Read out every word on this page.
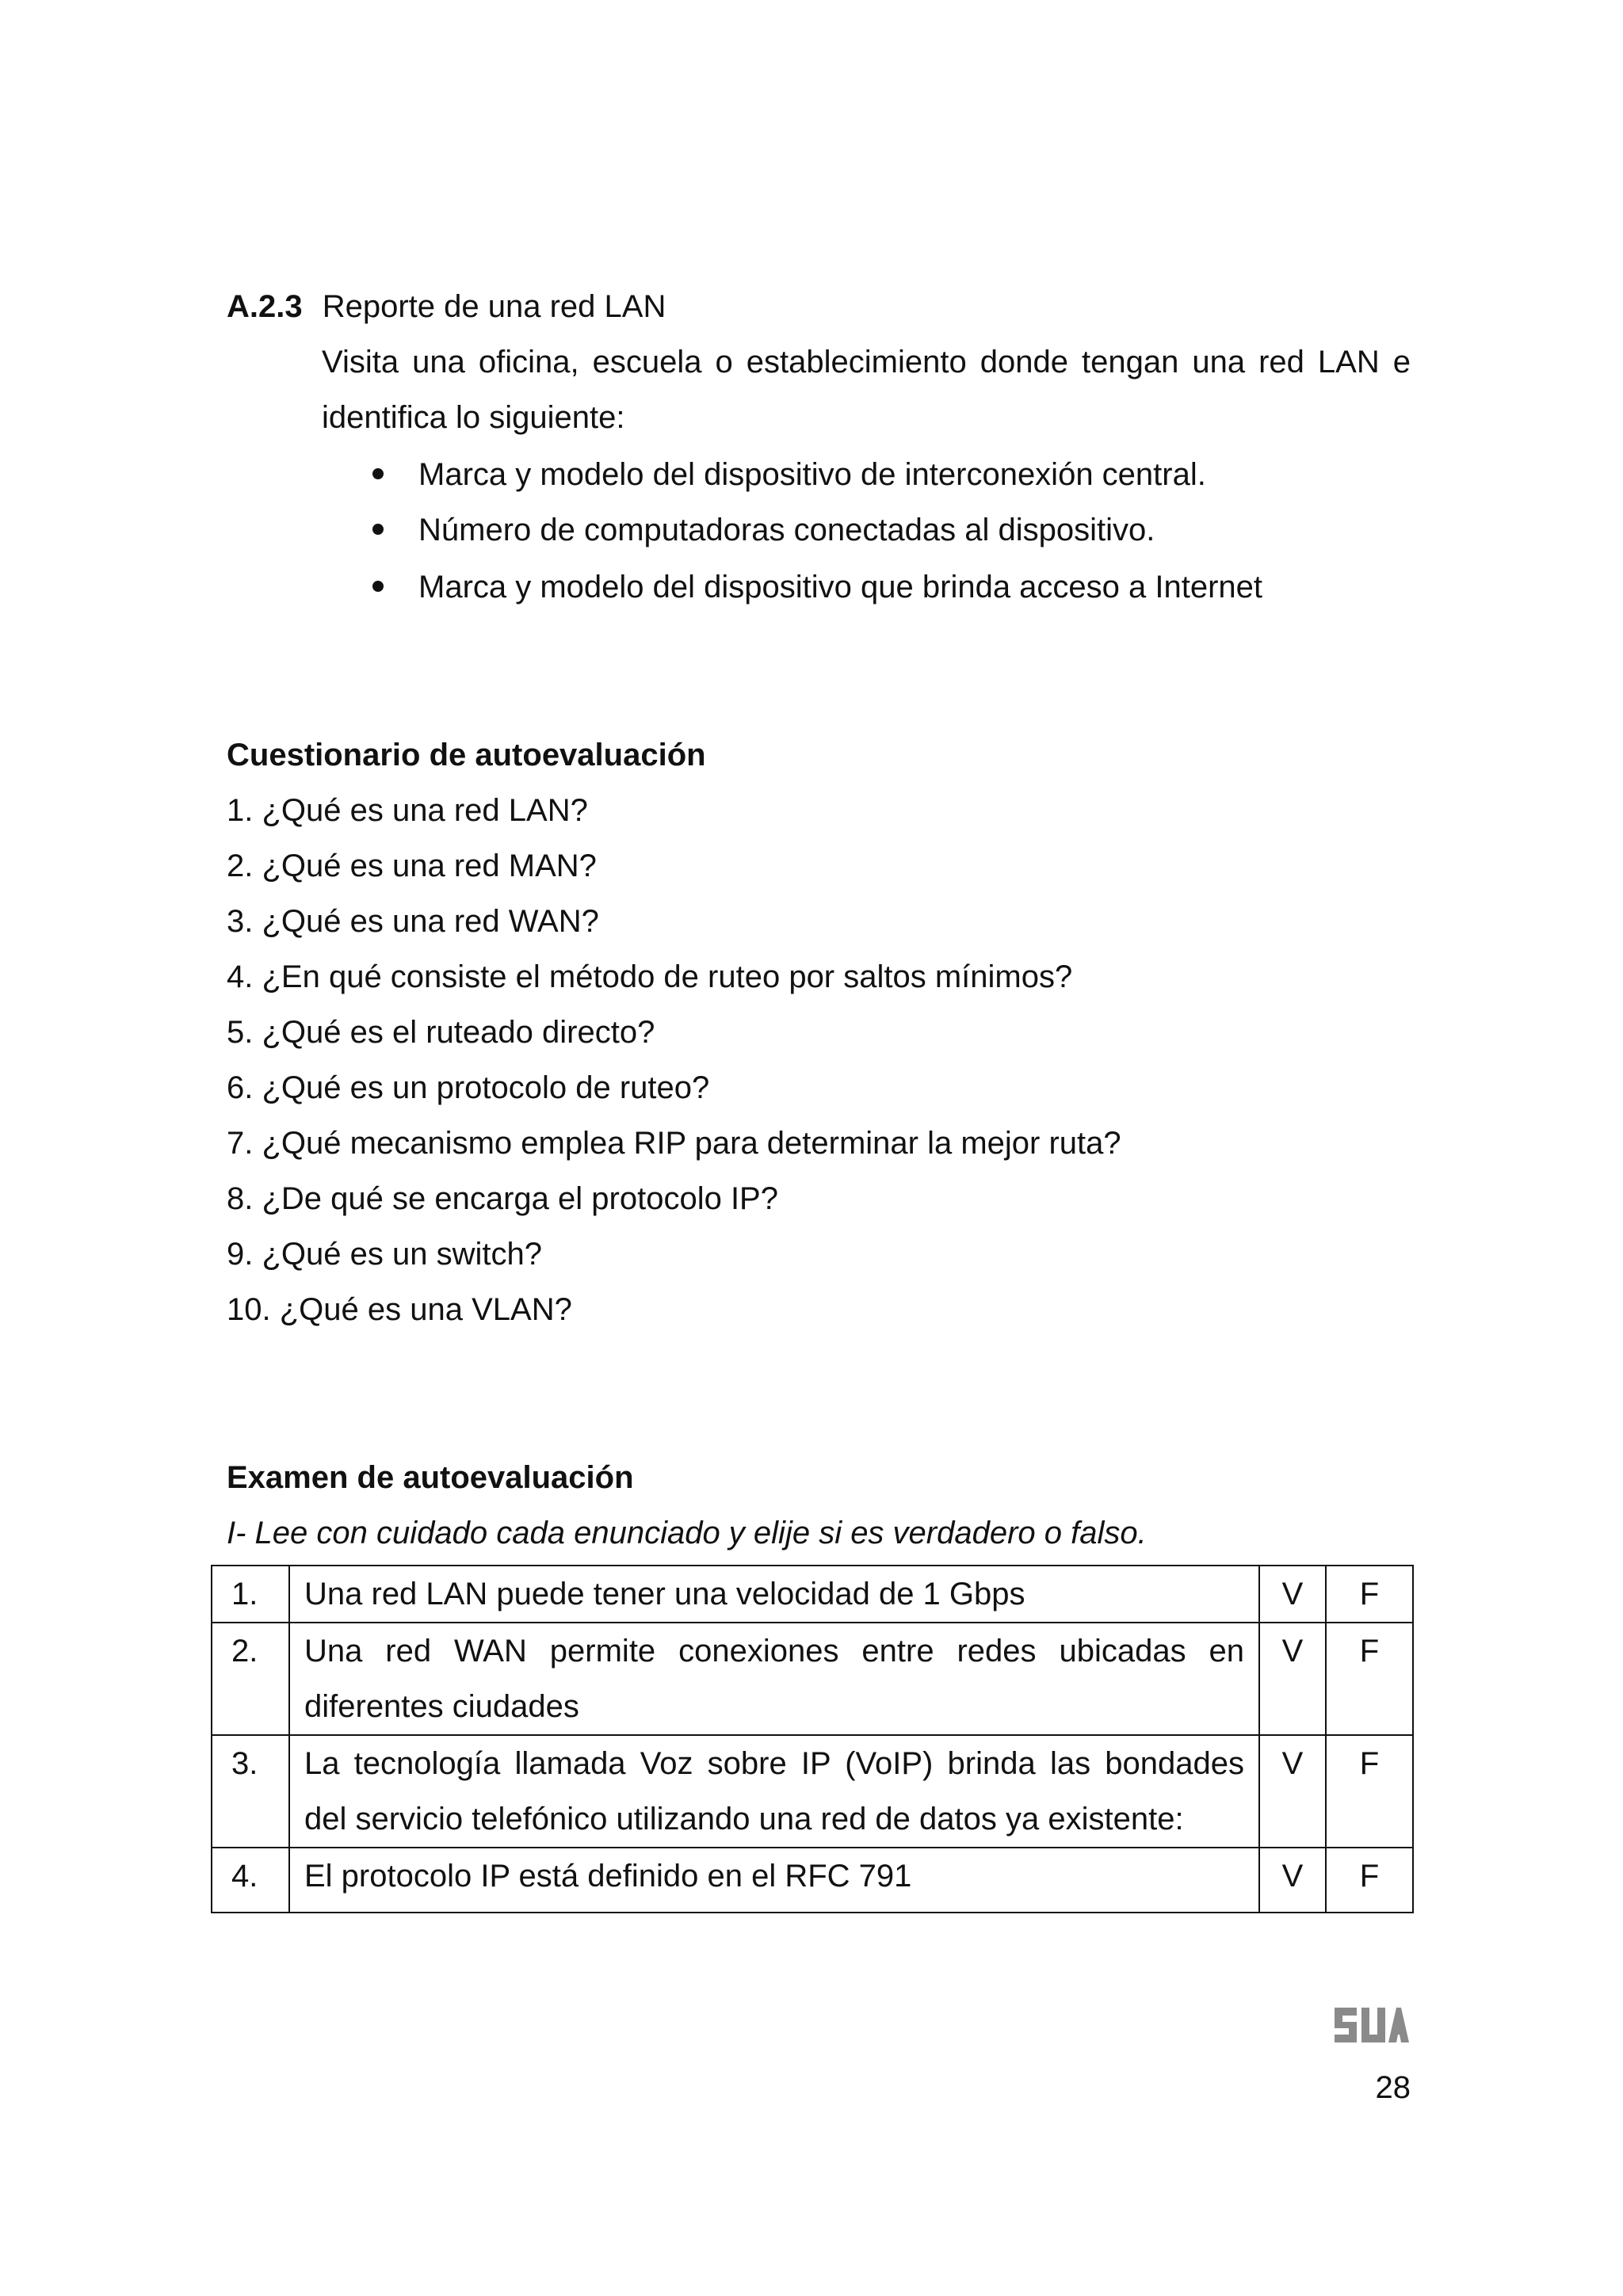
A.2.3 Reporte de una red LAN
Visita una oficina, escuela o establecimiento donde tengan una red LAN e
identifica lo siguiente:
Marca y modelo del dispositivo de interconexión central.
Número de computadoras conectadas al dispositivo.
Marca y modelo del dispositivo que brinda acceso a Internet
Cuestionario de autoevaluación
1. ¿Qué es una red LAN?
2. ¿Qué es una red MAN?
3. ¿Qué es una red WAN?
4. ¿En qué consiste el método de ruteo por saltos mínimos?
5. ¿Qué es el ruteado directo?
6. ¿Qué es un protocolo de ruteo?
7. ¿Qué mecanismo emplea RIP para determinar la mejor ruta?
8. ¿De qué se encarga el protocolo IP?
9. ¿Qué es un switch?
10. ¿Qué es una VLAN?
Examen de autoevaluación
I- Lee con cuidado cada enunciado y elije si es verdadero o falso.
1.	Una red LAN puede tener una velocidad de 1 Gbps	V	F
2.	Una red WAN permite conexiones entre redes ubicadas en
diferentes ciudades	V	F
3.	La tecnología llamada Voz sobre IP (VoIP) brinda las bondades
del servicio telefónico utilizando una red de datos ya existente:	V	F
4.	El protocolo IP está definido en el RFC 791	V	F
28
